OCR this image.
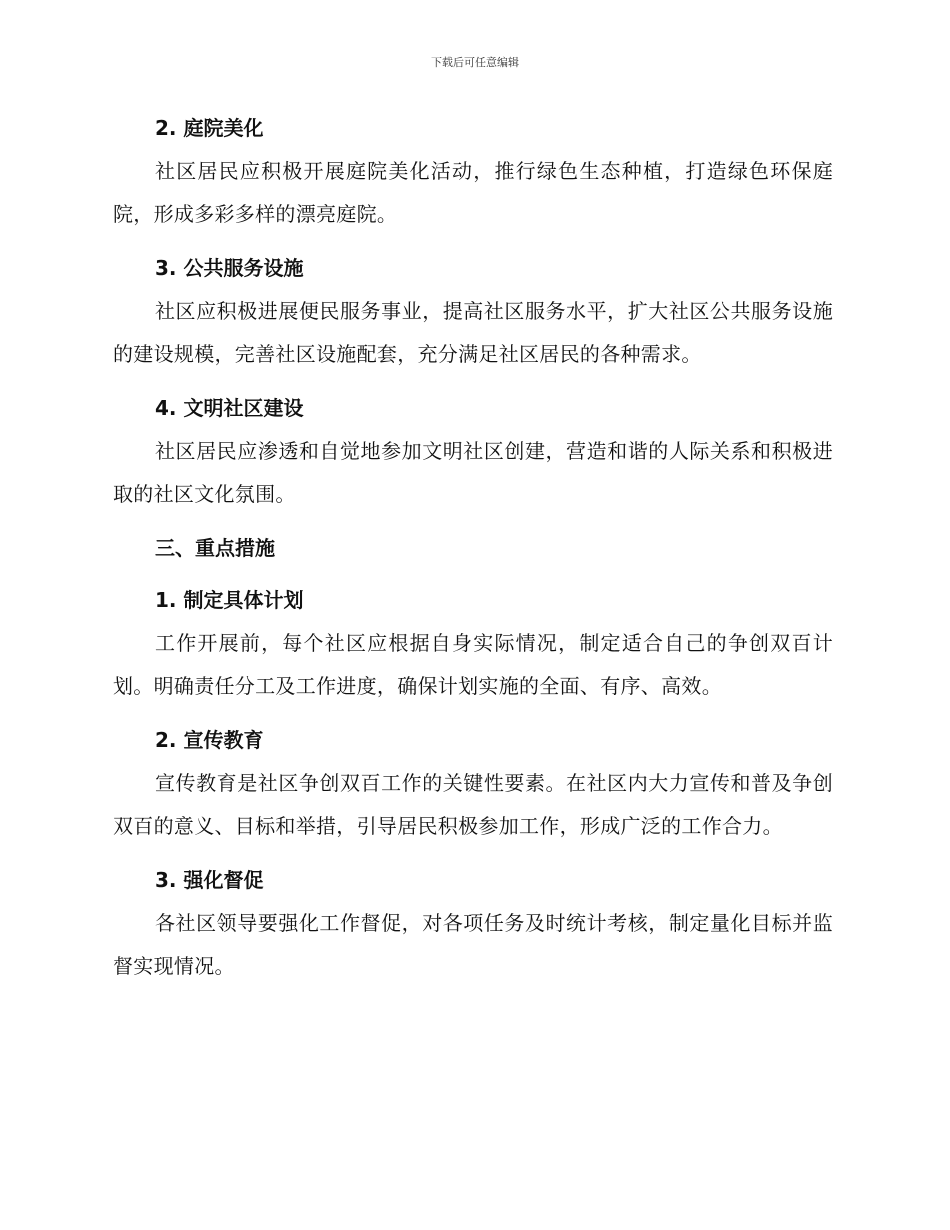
下载后可任意编辑

2. 庭院美化

社区居民应积极开展庭院美化活动，推行绿色生态种植，打造绿色环保庭院，形成多彩多样的漂亮庭院。

3. 公共服务设施

社区应积极进展便民服务事业，提高社区服务水平，扩大社区公共服务设施的建设规模，完善社区设施配套，充分满足社区居民的各种需求。

4. 文明社区建设

社区居民应渗透和自觉地参加文明社区创建，营造和谐的人际关系和积极进取的社区文化氛围。

三、重点措施

1. 制定具体计划

工作开展前，每个社区应根据自身实际情况，制定适合自己的争创双百计划。明确责任分工及工作进度，确保计划实施的全面、有序、高效。

2. 宣传教育

宣传教育是社区争创双百工作的关键性要素。在社区内大力宣传和普及争创双百的意义、目标和举措，引导居民积极参加工作，形成广泛的工作合力。

3. 强化督促

各社区领导要强化工作督促，对各项任务及时统计考核，制定量化目标并监督实现情况。
